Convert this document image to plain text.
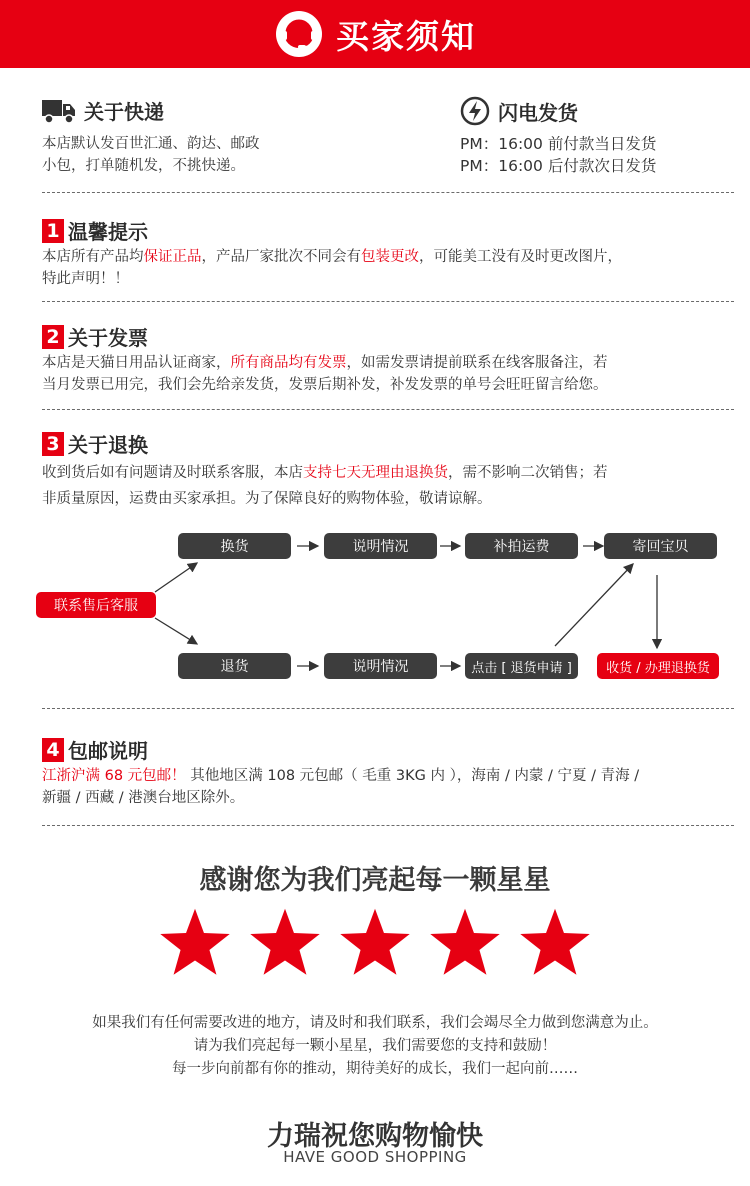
买家须知
关于快递
本店默认发百世汇通、韵达、邮政
小包，打单随机发，不挑快递。
闪电发货
PM：16:00 前付款当日发货
PM：16:00 后付款次日发货
1 温馨提示
本店所有产品均保证正品，产品厂家批次不同会有包装更改，可能美工没有及时更改图片，
特此声明！！
2 关于发票
本店是天猫日用品认证商家，所有商品均有发票，如需发票请提前联系在线客服备注，若
当月发票已用完，我们会先给亲发货，发票后期补发，补发发票的单号会旺旺留言给您。
3 关于退换
收到货后如有问题请及时联系客服，本店支持七天无理由退换货，需不影响二次销售；若
非质量原因，运费由买家承担。为了保障良好的购物体验，敬请谅解。
联系售后客服
换货	说明情况	补拍运费	寄回宝贝
退货	说明情况	点击 [ 退货申请 ]	收货 / 办理退换货
4 包邮说明
江浙沪满 68 元包邮！ 其他地区满 108 元包邮（ 毛重 3KG 内 ），海南 / 内蒙 / 宁夏 / 青海 /
新疆 / 西藏 / 港澳台地区除外。
感谢您为我们亮起每一颗星星
如果我们有任何需要改进的地方，请及时和我们联系，我们会竭尽全力做到您满意为止。
请为我们亮起每一颗小星星，我们需要您的支持和鼓励！
每一步向前都有你的推动，期待美好的成长，我们一起向前……
力瑞祝您购物愉快
HAVE GOOD SHOPPING
